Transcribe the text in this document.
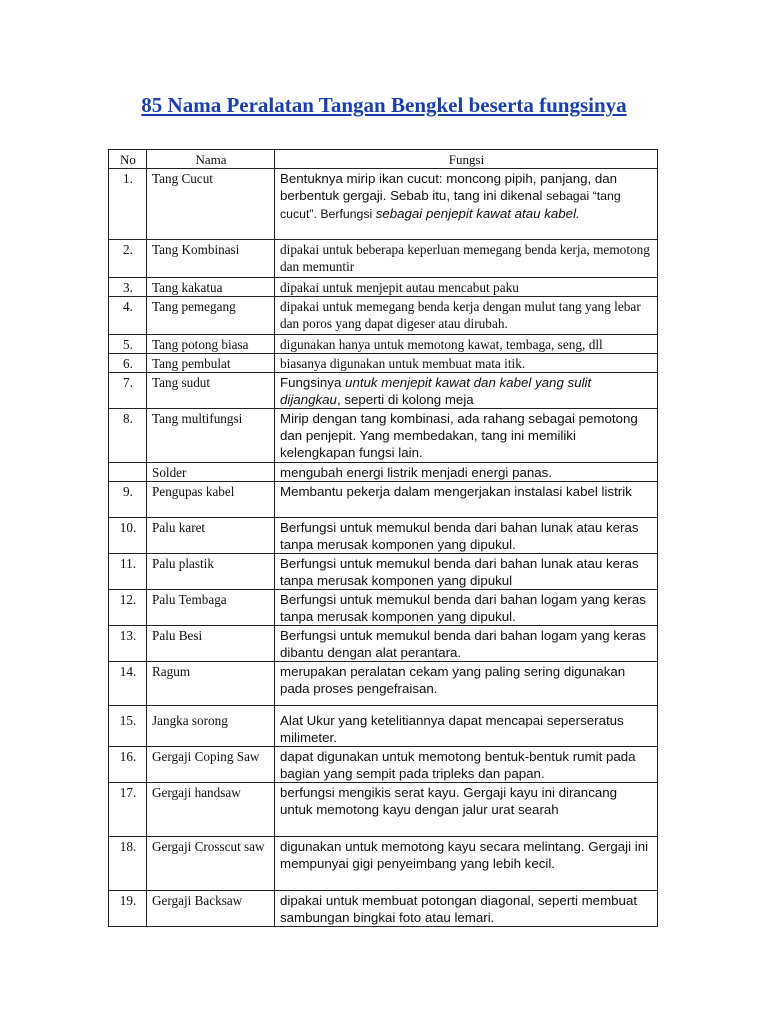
85 Nama Peralatan Tangan Bengkel beserta fungsinya
No	Nama	Fungsi
1.	Tang Cucut	Bentuknya mirip ikan cucut: moncong pipih, panjang, dan berbentuk gergaji. Sebab itu, tang ini dikenal sebagai “tang cucut”. Berfungsi sebagai penjepit kawat atau kabel.
2.	Tang Kombinasi	dipakai untuk beberapa keperluan memegang benda kerja, memotong dan memuntir
3.	Tang kakatua	dipakai untuk menjepit autau mencabut paku
4.	Tang pemegang	dipakai untuk memegang benda kerja dengan mulut tang yang lebar dan poros yang dapat digeser atau dirubah.
5.	Tang potong biasa	digunakan hanya untuk memotong kawat, tembaga, seng, dll
6.	Tang pembulat	biasanya digunakan untuk membuat mata itik.
7.	Tang sudut	Fungsinya untuk menjepit kawat dan kabel yang sulit dijangkau, seperti di kolong meja
8.	Tang multifungsi	Mirip dengan tang kombinasi, ada rahang sebagai pemotong dan penjepit. Yang membedakan, tang ini memiliki kelengkapan fungsi lain.
	Solder	mengubah energi listrik menjadi energi panas.
9.	Pengupas kabel	Membantu pekerja dalam mengerjakan instalasi kabel listrik
10.	Palu karet	Berfungsi untuk memukul benda dari bahan lunak atau keras tanpa merusak komponen yang dipukul.
11.	Palu plastik	Berfungsi untuk memukul benda dari bahan lunak atau keras tanpa merusak komponen yang dipukul
12.	Palu Tembaga	Berfungsi untuk memukul benda dari bahan logam yang keras tanpa merusak komponen yang dipukul.
13.	Palu Besi	Berfungsi untuk memukul benda dari bahan logam yang keras dibantu dengan alat perantara.
14.	Ragum	merupakan peralatan cekam yang paling sering digunakan pada proses pengefraisan.
15.	Jangka sorong	Alat Ukur yang ketelitiannya dapat mencapai seperseratus milimeter.
16.	Gergaji Coping Saw	dapat digunakan untuk memotong bentuk-bentuk rumit pada bagian yang sempit pada tripleks dan papan.
17.	Gergaji handsaw	berfungsi mengikis serat kayu. Gergaji kayu ini dirancang untuk memotong kayu dengan jalur urat searah
18.	Gergaji Crosscut saw	digunakan untuk memotong kayu secara melintang. Gergaji ini mempunyai gigi penyeimbang yang lebih kecil.
19.	Gergaji Backsaw	dipakai untuk membuat potongan diagonal, seperti membuat sambungan bingkai foto atau lemari.
